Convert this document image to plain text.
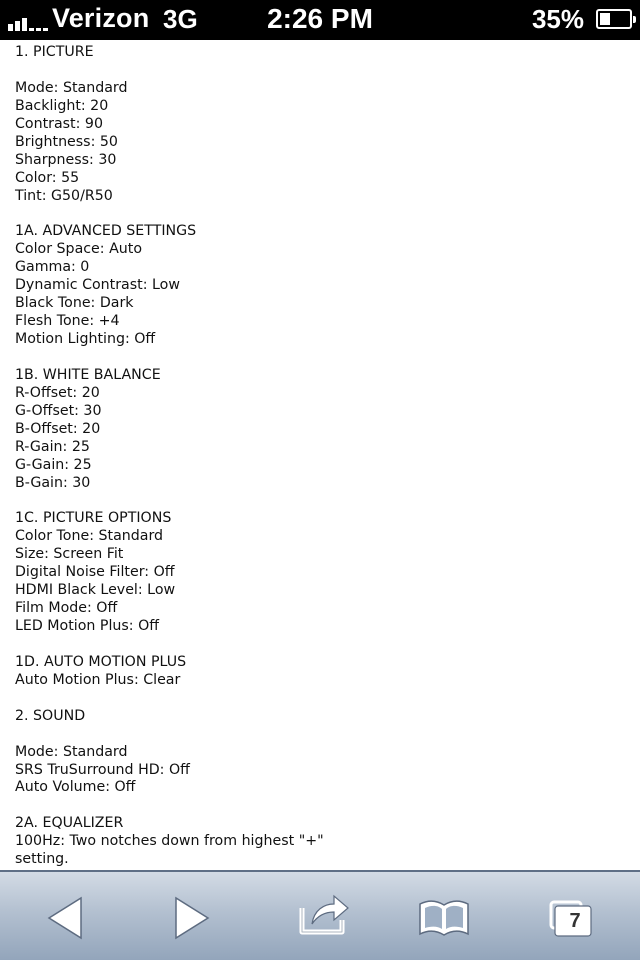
Verizon 3G	2:26 PM	35%
1. PICTURE
Mode: Standard
Backlight: 20
Contrast: 90
Brightness: 50
Sharpness: 30
Color: 55
Tint: G50/R50
1A. ADVANCED SETTINGS
Color Space: Auto
Gamma: 0
Dynamic Contrast: Low
Black Tone: Dark
Flesh Tone: +4
Motion Lighting: Off
1B. WHITE BALANCE
R-Offset: 20
G-Offset: 30
B-Offset: 20
R-Gain: 25
G-Gain: 25
B-Gain: 30
1C. PICTURE OPTIONS
Color Tone: Standard
Size: Screen Fit
Digital Noise Filter: Off
HDMI Black Level: Low
Film Mode: Off
LED Motion Plus: Off
1D. AUTO MOTION PLUS
Auto Motion Plus: Clear
2. SOUND
Mode: Standard
SRS TruSurround HD: Off
Auto Volume: Off
2A. EQUALIZER
100Hz: Two notches down from highest "+"
setting.
7
